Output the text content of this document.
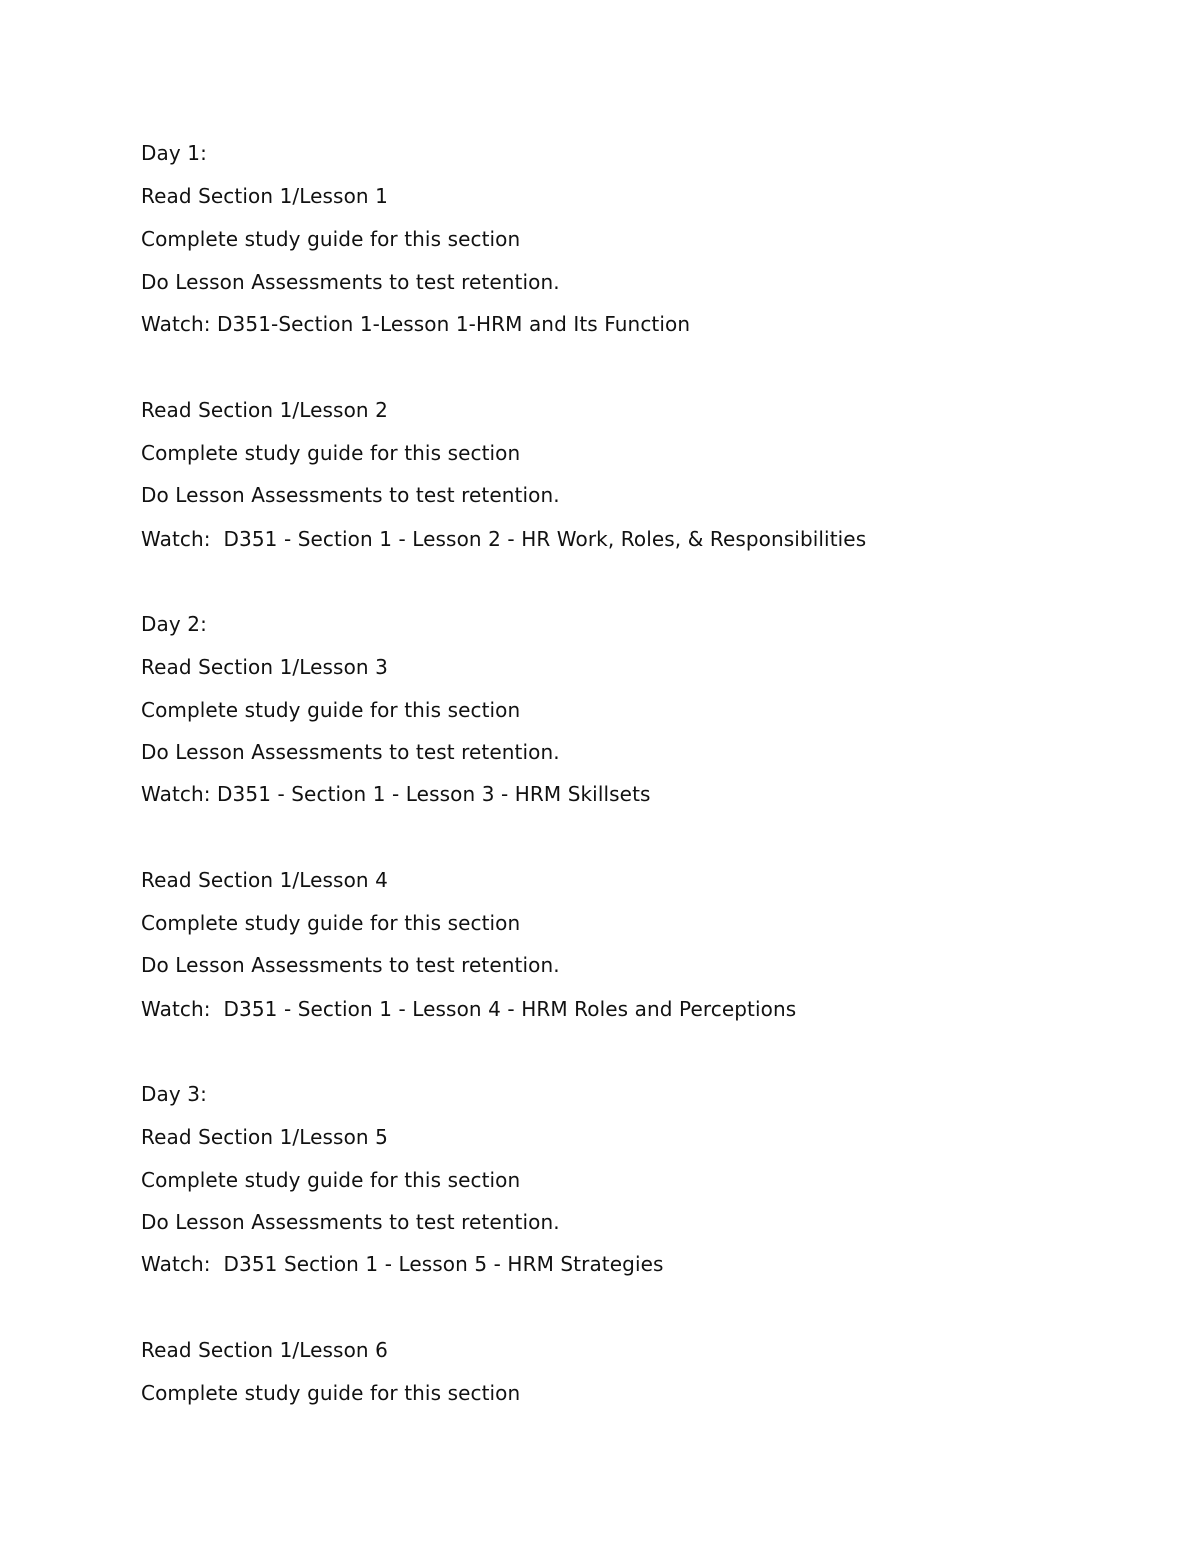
Day 1:
Read Section 1/Lesson 1
Complete study guide for this section
Do Lesson Assessments to test retention.
Watch: D351-Section 1-Lesson 1-HRM and Its Function
Read Section 1/Lesson 2
Complete study guide for this section
Do Lesson Assessments to test retention.
Watch:  D351 - Section 1 - Lesson 2 - HR Work, Roles, & Responsibilities
Day 2:
Read Section 1/Lesson 3
Complete study guide for this section
Do Lesson Assessments to test retention.
Watch: D351 - Section 1 - Lesson 3 - HRM Skillsets
Read Section 1/Lesson 4
Complete study guide for this section
Do Lesson Assessments to test retention.
Watch:  D351 - Section 1 - Lesson 4 - HRM Roles and Perceptions
Day 3:
Read Section 1/Lesson 5
Complete study guide for this section
Do Lesson Assessments to test retention.
Watch:  D351 Section 1 - Lesson 5 - HRM Strategies
Read Section 1/Lesson 6
Complete study guide for this section
